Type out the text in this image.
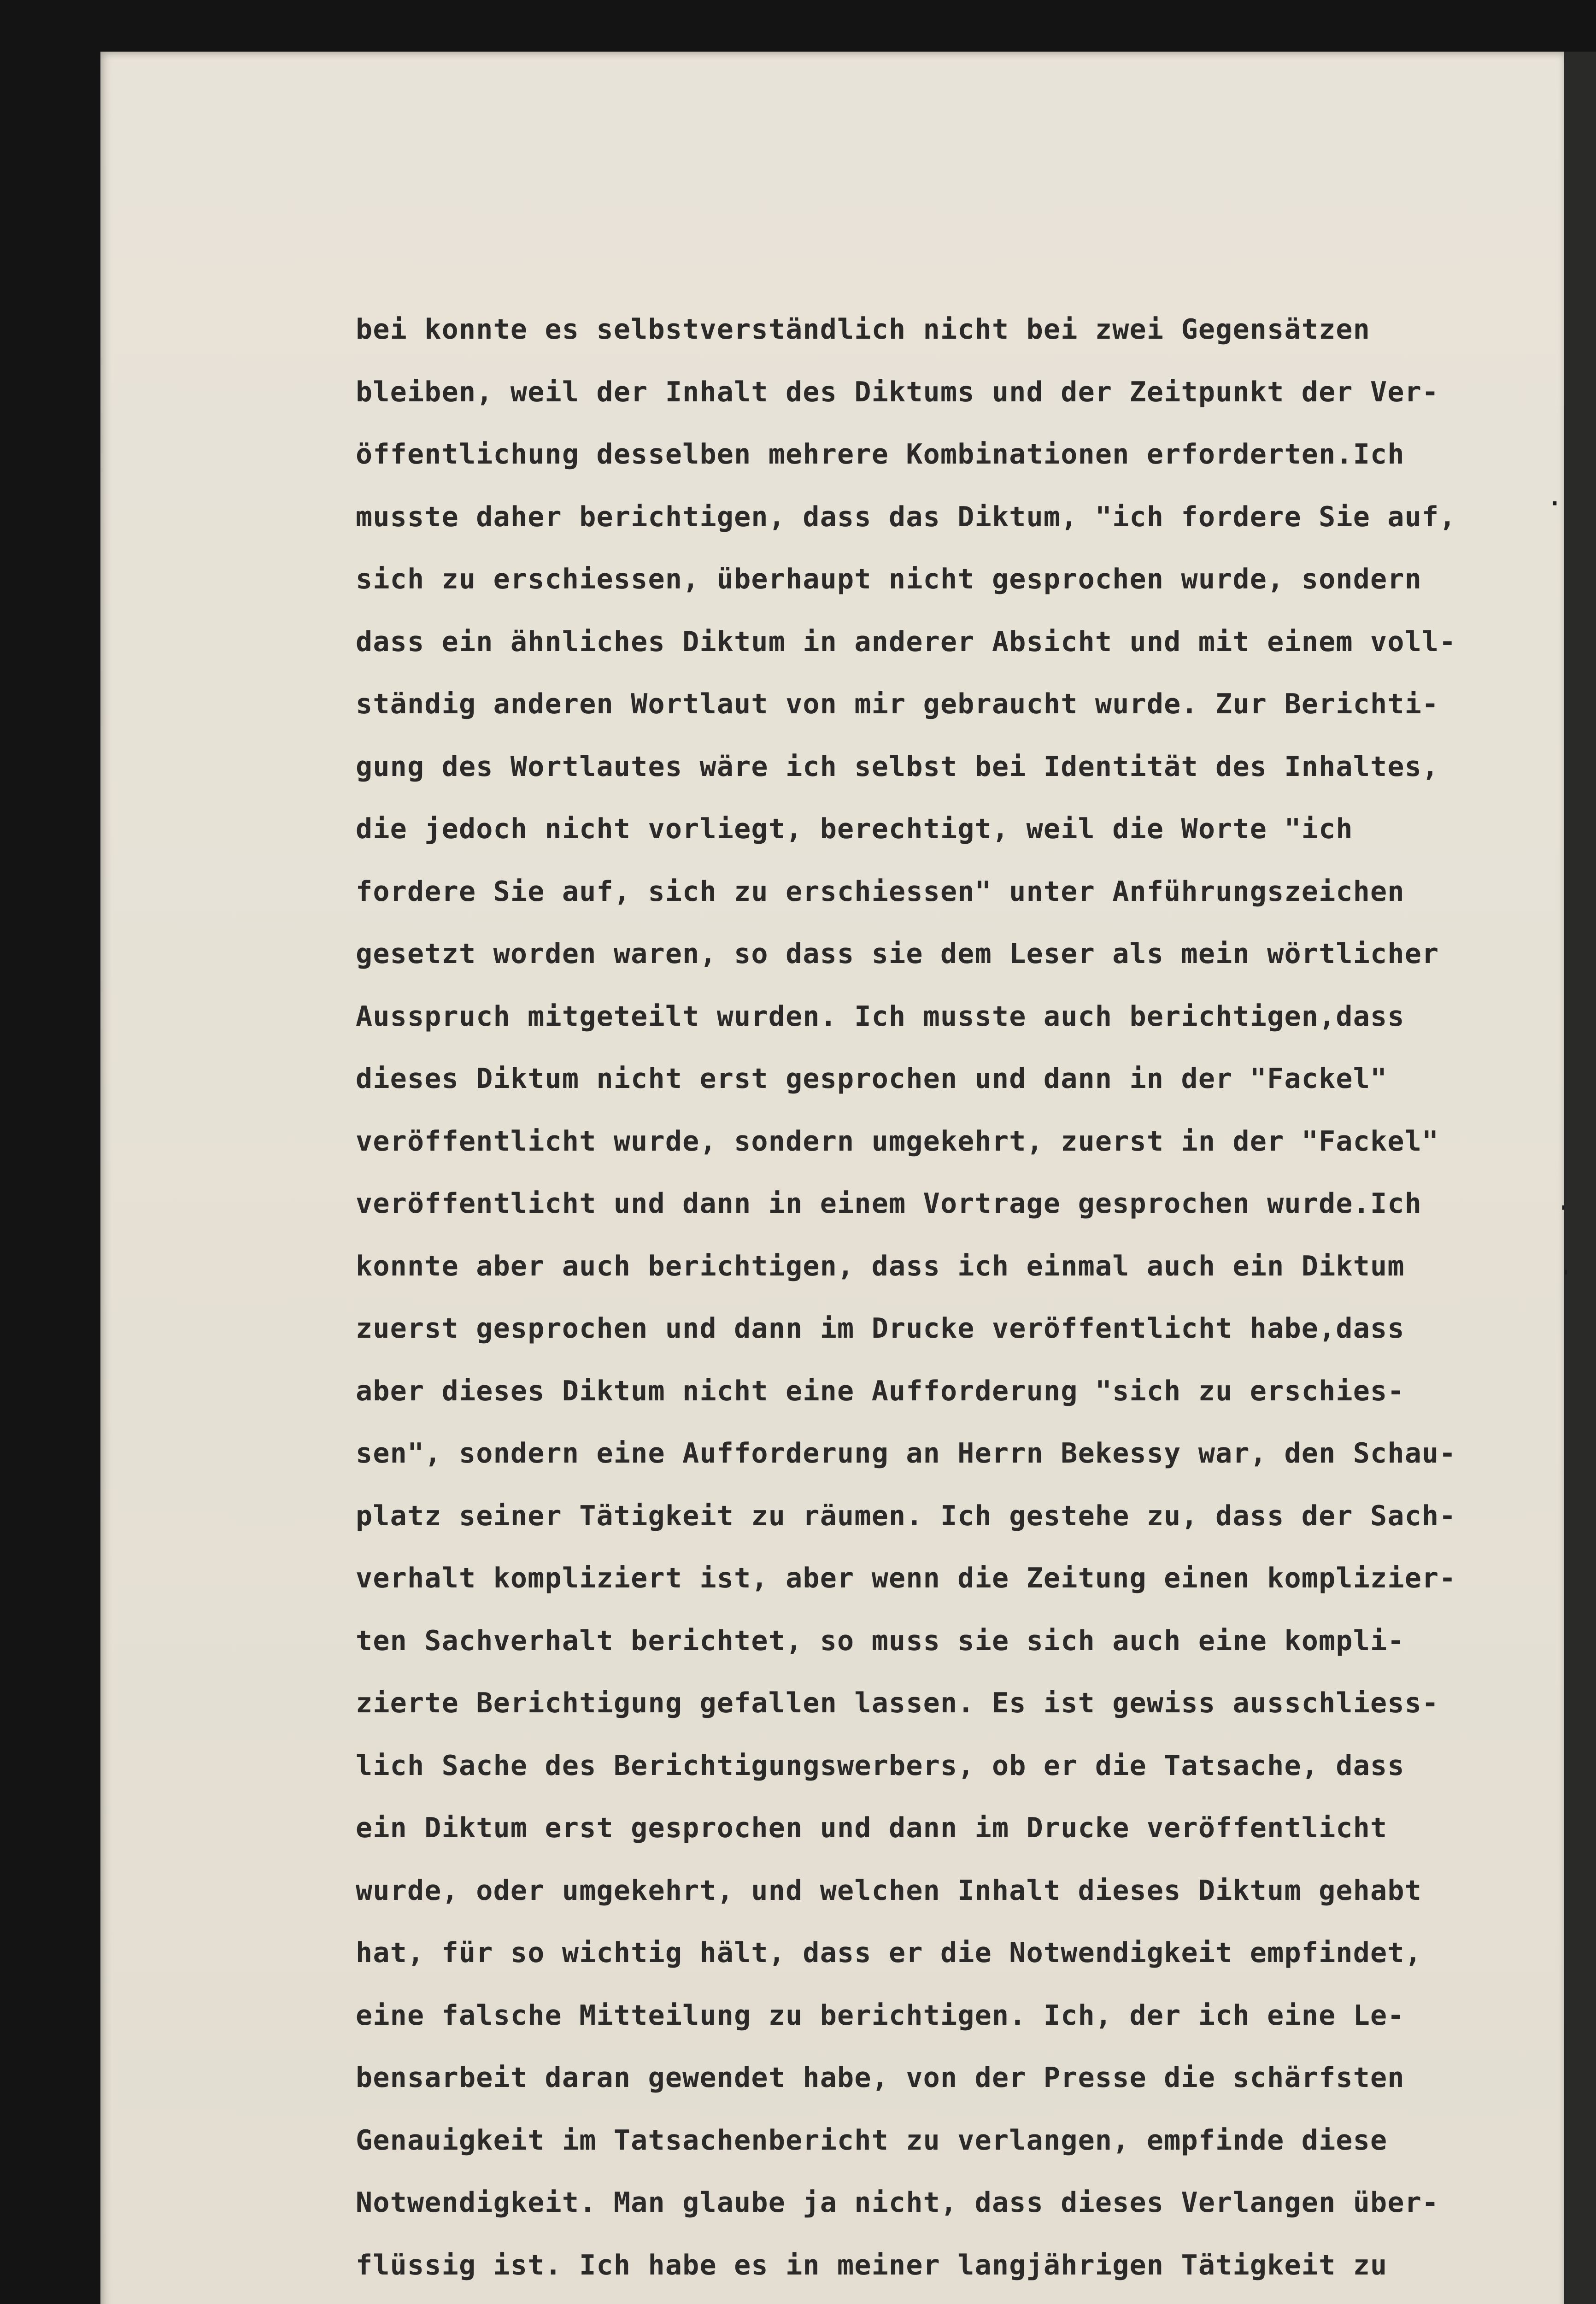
·
'
'
bei konnte es selbstverständlich nicht bei zwei Gegensätzen
bleiben, weil der Inhalt des Diktums und der Zeitpunkt der Ver-
öffentlichung desselben mehrere Kombinationen erforderten.Ich
musste daher berichtigen, dass das Diktum, "ich fordere Sie auf,
sich zu erschiessen, überhaupt nicht gesprochen wurde, sondern
dass ein ähnliches Diktum in anderer Absicht und mit einem voll-
ständig anderen Wortlaut von mir gebraucht wurde. Zur Berichti-
gung des Wortlautes wäre ich selbst bei Identität des Inhaltes,
die jedoch nicht vorliegt, berechtigt, weil die Worte "ich
fordere Sie auf, sich zu erschiessen" unter Anführungszeichen
gesetzt worden waren, so dass sie dem Leser als mein wörtlicher
Ausspruch mitgeteilt wurden. Ich musste auch berichtigen,dass
dieses Diktum nicht erst gesprochen und dann in der "Fackel"
veröffentlicht wurde, sondern umgekehrt, zuerst in der "Fackel"
veröffentlicht und dann in einem Vortrage gesprochen wurde.Ich
konnte aber auch berichtigen, dass ich einmal auch ein Diktum
zuerst gesprochen und dann im Drucke veröffentlicht habe,dass
aber dieses Diktum nicht eine Aufforderung "sich zu erschies-
sen", sondern eine Aufforderung an Herrn Bekessy war, den Schau-
platz seiner Tätigkeit zu räumen. Ich gestehe zu, dass der Sach-
verhalt kompliziert ist, aber wenn die Zeitung einen komplizier-
ten Sachverhalt berichtet, so muss sie sich auch eine kompli-
zierte Berichtigung gefallen lassen. Es ist gewiss ausschliess-
lich Sache des Berichtigungswerbers, ob er die Tatsache, dass
ein Diktum erst gesprochen und dann im Drucke veröffentlicht
wurde, oder umgekehrt, und welchen Inhalt dieses Diktum gehabt
hat, für so wichtig hält, dass er die Notwendigkeit empfindet,
eine falsche Mitteilung zu berichtigen. Ich, der ich eine Le-
bensarbeit daran gewendet habe, von der Presse die schärfsten
Genauigkeit im Tatsachenbericht zu verlangen, empfinde diese
Notwendigkeit. Man glaube ja nicht, dass dieses Verlangen über-
flüssig ist. Ich habe es in meiner langjährigen Tätigkeit zu
